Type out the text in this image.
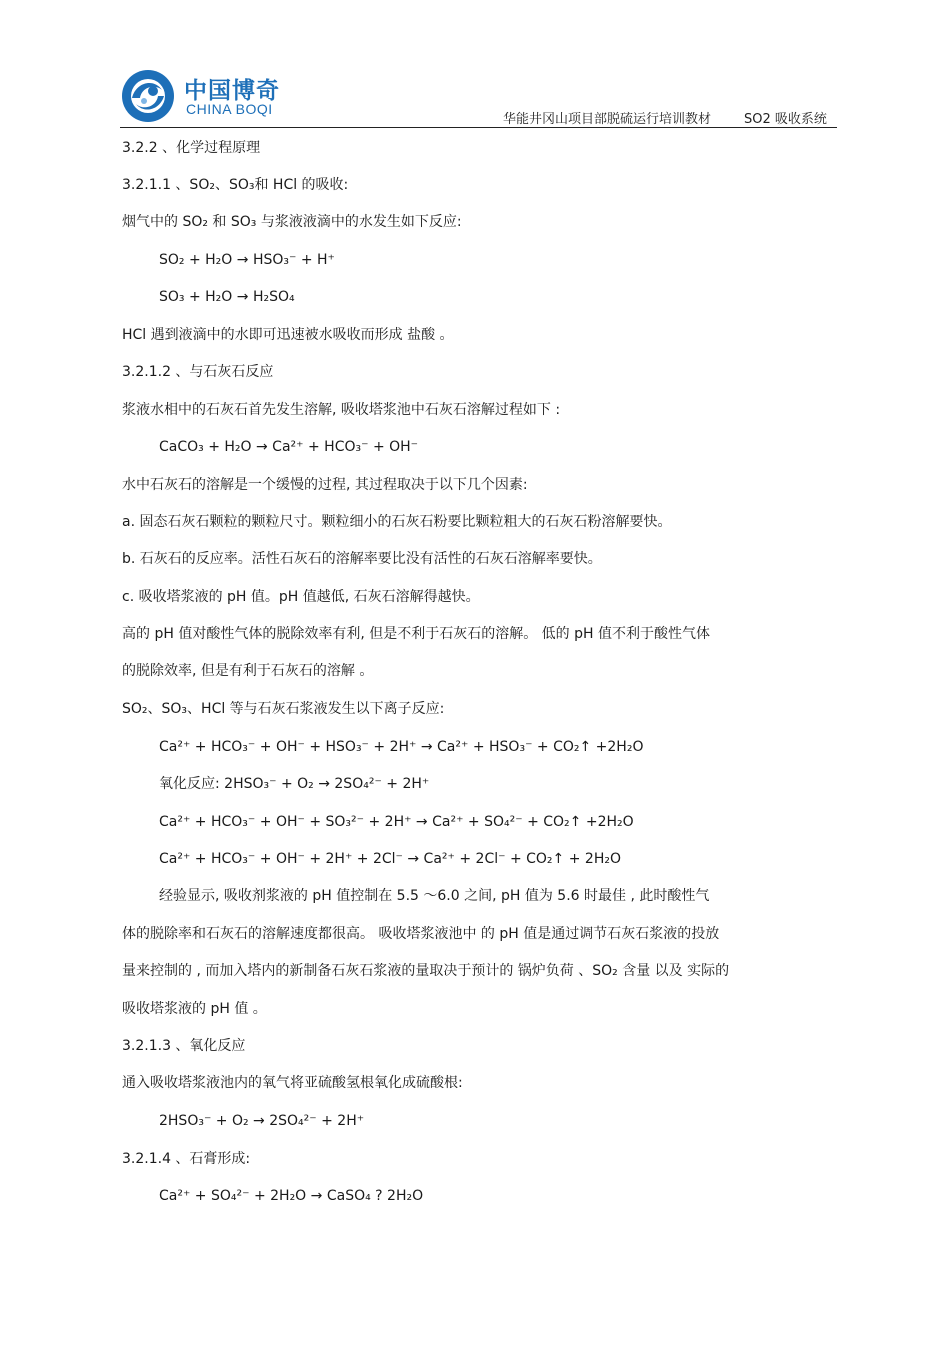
中国博奇
CHINA BOQI
华能井冈山项目部脱硫运行培训教材	SO2 吸收系统
3.2.2 、化学过程原理
3.2.1.1 、SO₂、SO₃和 HCl 的吸收:
烟气中的 SO₂ 和 SO₃ 与浆液液滴中的水发生如下反应:
SO₂ + H₂O → HSO₃⁻ + H⁺
SO₃ + H₂O → H₂SO₄
HCl 遇到液滴中的水即可迅速被水吸收而形成 盐酸 。
3.2.1.2 、与石灰石反应
浆液水相中的石灰石首先发生溶解, 吸收塔浆池中石灰石溶解过程如下 :
CaCO₃ + H₂O → Ca²⁺ + HCO₃⁻ + OH⁻
水中石灰石的溶解是一个缓慢的过程, 其过程取决于以下几个因素:
a. 固态石灰石颗粒的颗粒尺寸。颗粒细小的石灰石粉要比颗粒粗大的石灰石粉溶解要快。
b. 石灰石的反应率。活性石灰石的溶解率要比没有活性的石灰石溶解率要快。
c. 吸收塔浆液的 pH 值。pH 值越低, 石灰石溶解得越快。
高的 pH 值对酸性气体的脱除效率有利, 但是不利于石灰石的溶解。 低的 pH 值不利于酸性气体
的脱除效率, 但是有利于石灰石的溶解 。
SO₂、SO₃、HCl 等与石灰石浆液发生以下离子反应:
Ca²⁺ + HCO₃⁻ + OH⁻ + HSO₃⁻ + 2H⁺ → Ca²⁺ + HSO₃⁻ + CO₂↑ +2H₂O
氧化反应: 2HSO₃⁻ + O₂ → 2SO₄²⁻ + 2H⁺
Ca²⁺ + HCO₃⁻ + OH⁻ + SO₃²⁻ + 2H⁺ → Ca²⁺ + SO₄²⁻ + CO₂↑ +2H₂O
Ca²⁺ + HCO₃⁻ + OH⁻ + 2H⁺ + 2Cl⁻ → Ca²⁺ + 2Cl⁻ + CO₂↑ + 2H₂O
经验显示, 吸收剂浆液的 pH 值控制在 5.5 ～6.0 之间, pH 值为 5.6 时最佳 , 此时酸性气
体的脱除率和石灰石的溶解速度都很高。 吸收塔浆液池中 的 pH 值是通过调节石灰石浆液的投放
量来控制的 , 而加入塔内的新制备石灰石浆液的量取决于预计的 锅炉负荷 、SO₂ 含量 以及 实际的
吸收塔浆液的 pH 值 。
3.2.1.3 、氧化反应
通入吸收塔浆液池内的氧气将亚硫酸氢根氧化成硫酸根:
2HSO₃⁻ + O₂ → 2SO₄²⁻ + 2H⁺
3.2.1.4 、石膏形成:
Ca²⁺ + SO₄²⁻ + 2H₂O → CaSO₄ ? 2H₂O
